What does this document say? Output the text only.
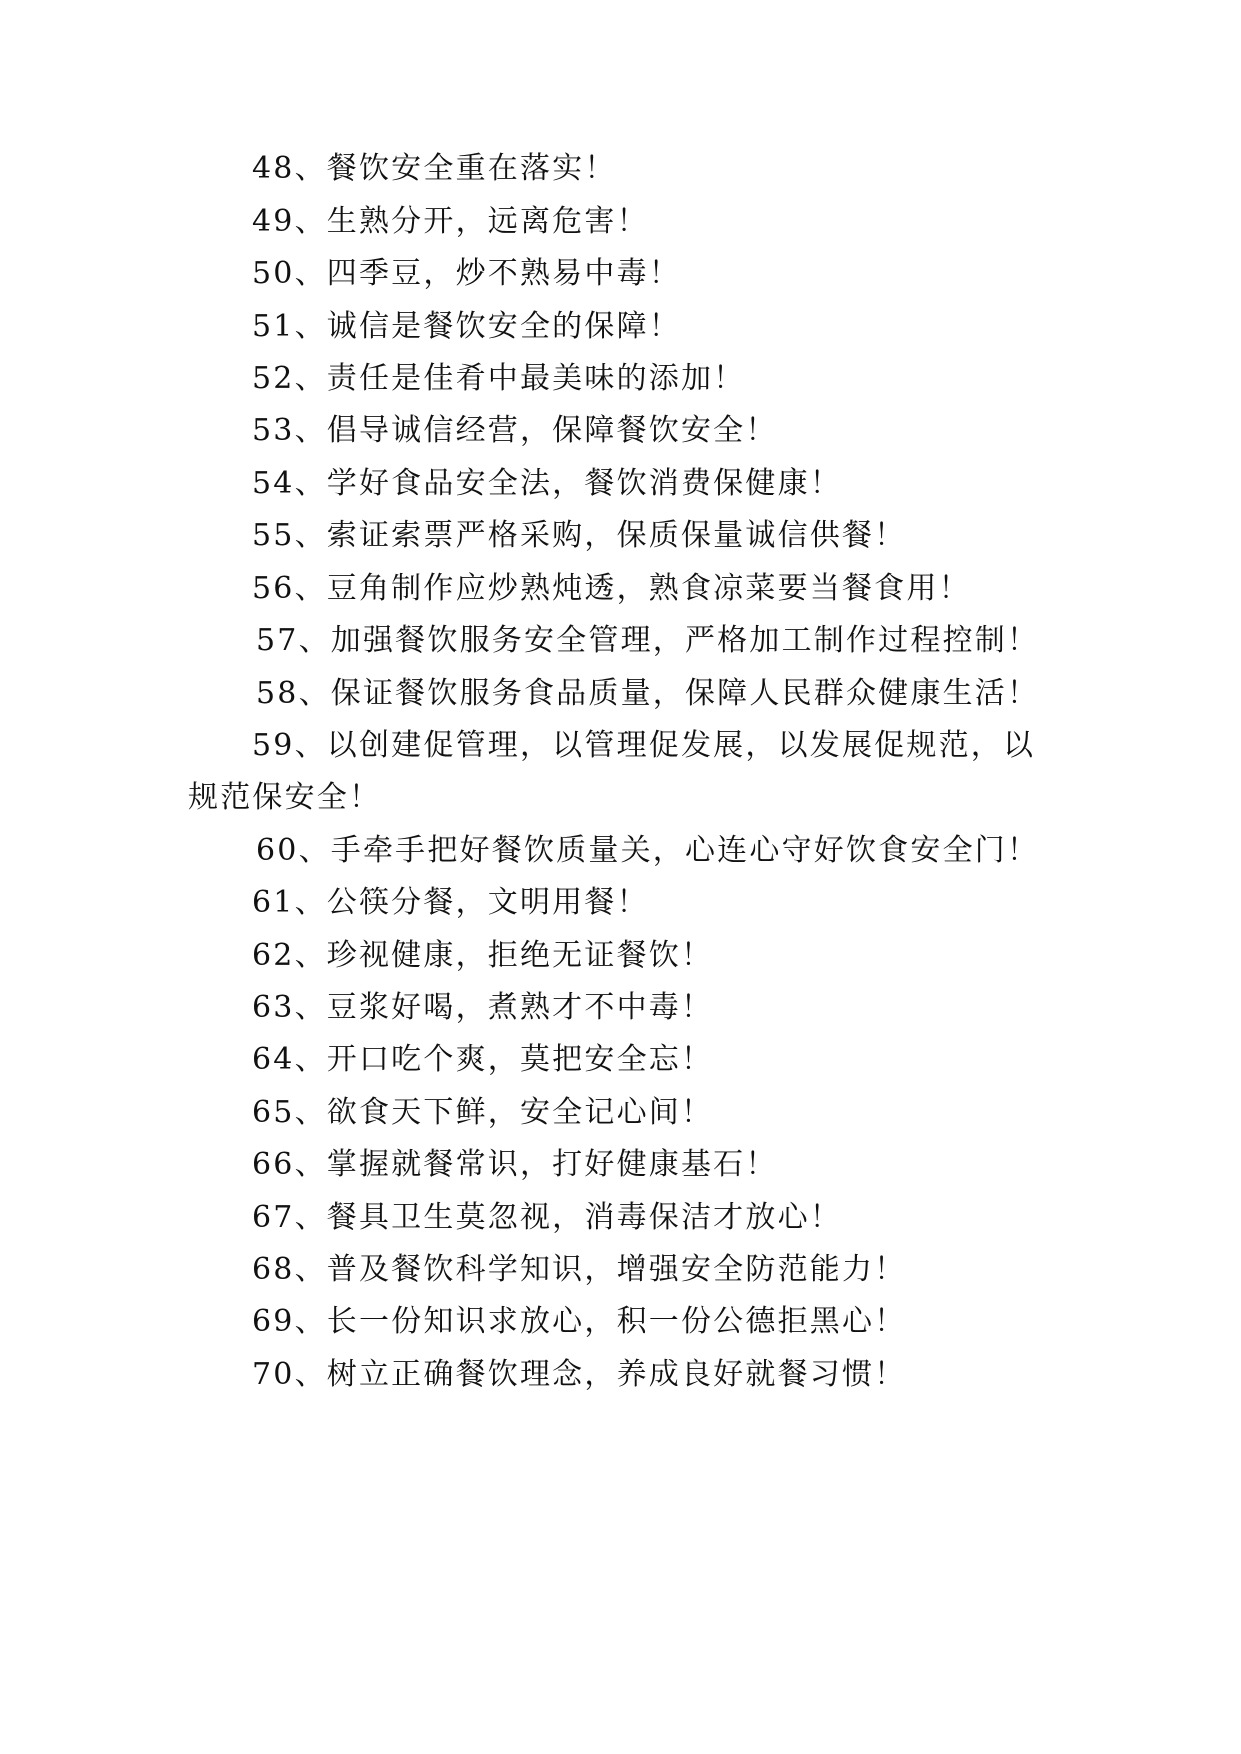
48、餐饮安全重在落实！
49、生熟分开，远离危害！
50、四季豆，炒不熟易中毒！
51、诚信是餐饮安全的保障！
52、责任是佳肴中最美味的添加！
53、倡导诚信经营，保障餐饮安全！
54、学好食品安全法，餐饮消费保健康！
55、索证索票严格采购，保质保量诚信供餐！
56、豆角制作应炒熟炖透，熟食凉菜要当餐食用！
57、加强餐饮服务安全管理，严格加工制作过程控制！
58、保证餐饮服务食品质量，保障人民群众健康生活！
59、以创建促管理，以管理促发展，以发展促规范，以
规范保安全！
60、手牵手把好餐饮质量关，心连心守好饮食安全门！
61、公筷分餐，文明用餐！
62、珍视健康，拒绝无证餐饮！
63、豆浆好喝，煮熟才不中毒！
64、开口吃个爽，莫把安全忘！
65、欲食天下鲜，安全记心间！
66、掌握就餐常识，打好健康基石！
67、餐具卫生莫忽视，消毒保洁才放心！
68、普及餐饮科学知识，增强安全防范能力！
69、长一份知识求放心，积一份公德拒黑心！
70、树立正确餐饮理念，养成良好就餐习惯！
